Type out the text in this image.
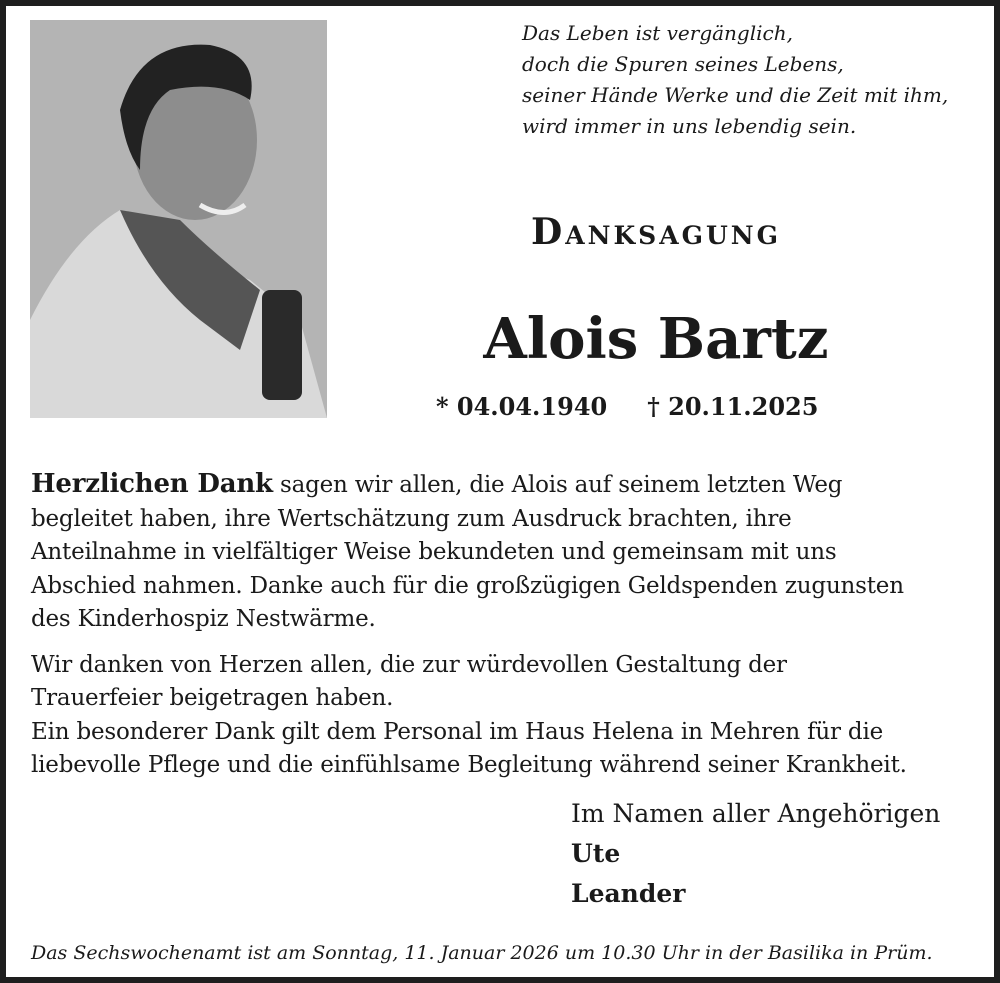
Das Leben ist vergänglich,
doch die Spuren seines Lebens,
seiner Hände Werke und die Zeit mit ihm,
wird immer in uns lebendig sein.
Danksagung
Alois Bartz
* 04.04.1940 † 20.11.2025
Herzlichen Dank sagen wir allen, die Alois auf seinem letzten Weg
begleitet haben, ihre Wertschätzung zum Ausdruck brachten, ihre
Anteilnahme in vielfältiger Weise bekundeten und gemeinsam mit uns
Abschied nahmen. Danke auch für die großzügigen Geldspenden zugunsten
des Kinderhospiz Nestwärme.
Wir danken von Herzen allen, die zur würdevollen Gestaltung der
Trauerfeier beigetragen haben.
Ein besonderer Dank gilt dem Personal im Haus Helena in Mehren für die
liebevolle Pflege und die einfühlsame Begleitung während seiner Krankheit.
Im Namen aller Angehörigen
Ute
Leander
Das Sechswochenamt ist am Sonntag, 11. Januar 2026 um 10.30 Uhr in der Basilika in Prüm.
